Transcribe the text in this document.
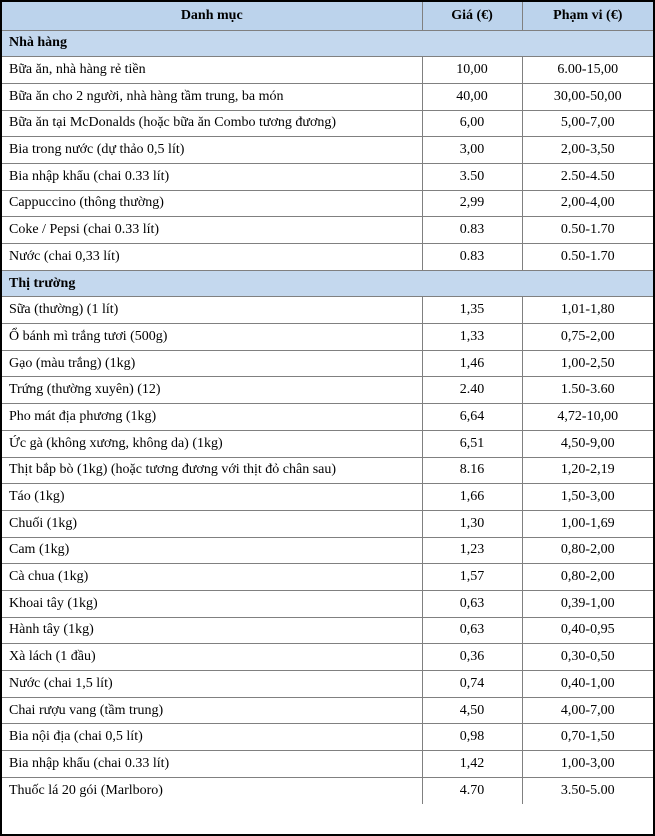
Danh mục	Giá (€)	Phạm vi (€)
Nhà hàng		
Bữa ăn, nhà hàng rẻ tiền	10,00	6.00-15,00
Bữa ăn cho 2 người, nhà hàng tầm trung, ba món	40,00	30,00-50,00
Bữa ăn tại McDonalds (hoặc bữa ăn Combo tương đương)	6,00	5,00-7,00
Bia trong nước (dự thảo 0,5 lít)	3,00	2,00-3,50
Bia nhập khẩu (chai 0.33 lít)	3.50	2.50-4.50
Cappuccino (thông thường)	2,99	2,00-4,00
Coke / Pepsi (chai 0.33 lít)	0.83	0.50-1.70
Nước (chai 0,33 lít)	0.83	0.50-1.70
Thị trường		
Sữa (thường) (1 lít)	1,35	1,01-1,80
Ổ bánh mì trắng tươi (500g)	1,33	0,75-2,00
Gạo (màu trắng) (1kg)	1,46	1,00-2,50
Trứng (thường xuyên) (12)	2.40	1.50-3.60
Pho mát địa phương (1kg)	6,64	4,72-10,00
Ức gà (không xương, không da) (1kg)	6,51	4,50-9,00
Thịt bắp bò (1kg) (hoặc tương đương với thịt đỏ chân sau)	8.16	1,20-2,19
Táo (1kg)	1,66	1,50-3,00
Chuối (1kg)	1,30	1,00-1,69
Cam (1kg)	1,23	0,80-2,00
Cà chua (1kg)	1,57	0,80-2,00
Khoai tây (1kg)	0,63	0,39-1,00
Hành tây (1kg)	0,63	0,40-0,95
Xà lách (1 đầu)	0,36	0,30-0,50
Nước (chai 1,5 lít)	0,74	0,40-1,00
Chai rượu vang (tầm trung)	4,50	4,00-7,00
Bia nội địa (chai 0,5 lít)	0,98	0,70-1,50
Bia nhập khẩu (chai 0.33 lít)	1,42	1,00-3,00
Thuốc lá 20 gói (Marlboro)	4.70	3.50-5.00
